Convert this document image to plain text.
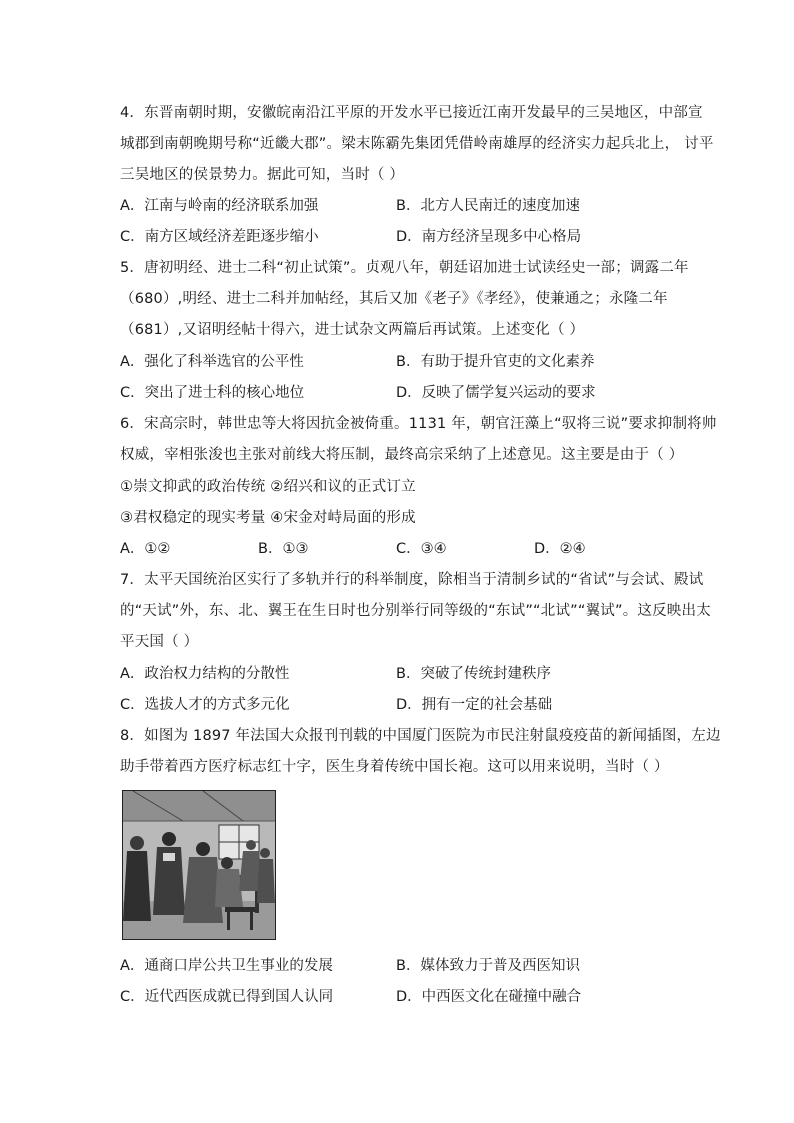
4．东晋南朝时期，安徽皖南沿江平原的开发水平已接近江南开发最早的三吴地区，中部宣
城郡到南朝晚期号称“近畿大郡”。梁末陈霸先集团凭借岭南雄厚的经济实力起兵北上， 讨平
三吴地区的侯景势力。据此可知，当时（ ）
A．江南与岭南的经济联系加强	B．北方人民南迁的速度加速
C．南方区域经济差距逐步缩小	D．南方经济呈现多中心格局
5．唐初明经、进士二科“初止试策”。贞观八年，朝廷诏加进士试读经史一部；调露二年
（680）,明经、进士二科并加帖经，其后又加《老子》《孝经》，使兼通之；永隆二年
（681）,又诏明经帖十得六，进士试杂文两篇后再试策。上述变化（ ）
A．强化了科举选官的公平性	B．有助于提升官吏的文化素养
C．突出了进士科的核心地位	D．反映了儒学复兴运动的要求
6．宋高宗时，韩世忠等大将因抗金被倚重。1131 年，朝官汪藻上“驭将三说”要求抑制将帅
权威，宰相张浚也主张对前线大将压制，最终高宗采纳了上述意见。这主要是由于（ ）
①崇文抑武的政治传统 ②绍兴和议的正式订立
③君权稳定的现实考量 ④宋金对峙局面的形成
A．①②	B．①③	C．③④	D．②④
7．太平天国统治区实行了多轨并行的科举制度，除相当于清制乡试的“省试”与会试、殿试
的“天试”外，东、北、翼王在生日时也分别举行同等级的“东试”“北试”“翼试”。这反映出太
平天国（ ）
A．政治权力结构的分散性	B．突破了传统封建秩序
C．选拔人才的方式多元化	D．拥有一定的社会基础
8．如图为 1897 年法国大众报刊刊载的中国厦门医院为市民注射鼠疫疫苗的新闻插图，左边
助手带着西方医疗标志红十字，医生身着传统中国长袍。这可以用来说明，当时（ ）
A．通商口岸公共卫生事业的发展	B．媒体致力于普及西医知识
C．近代西医成就已得到国人认同	D．中西医文化在碰撞中融合
